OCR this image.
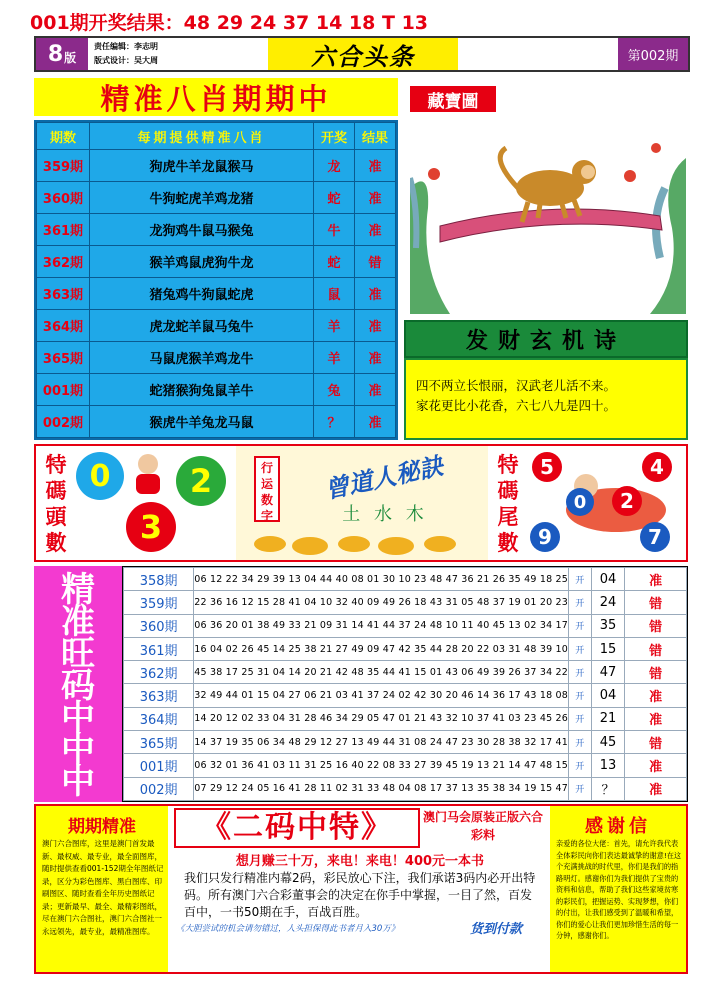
001期开奖结果：48 29 24 37 14 18 T 13
8 版
责任编辑：李志明
版式设计：吴大周	六合头条	第002期
精准八肖期期中
期数	每期提供精准八肖	开奖	结果
359期	狗虎牛羊龙鼠猴马	龙	准
360期	牛狗蛇虎羊鸡龙猪	蛇	准
361期	龙狗鸡牛鼠马猴兔	牛	准
362期	猴羊鸡鼠虎狗牛龙	蛇	错
363期	猪兔鸡牛狗鼠蛇虎	鼠	准
364期	虎龙蛇羊鼠马兔牛	羊	准
365期	马鼠虎猴羊鸡龙牛	羊	准
001期	蛇猪猴狗兔鼠羊牛	兔	准
002期	猴虎牛羊兔龙马鼠	？	准
藏寶圖
发财玄机诗
四不两立长恨丽，汉武老儿活不来。
家花更比小花香，六七八九是四十。
特
碼
頭
數
0	2
3
行
运
数
字
曾道人秘訣
土 水 木
特
碼
尾
數
5	4
0	2
9	7
精
准
旺
码
中
中
中
358期	06 12 22 34 29 39 13 04 44 40 08 01 30 10 23 48 47 36 21 26 35 49 18 25	开	04	准
359期	22 36 16 12 15 28 41 04 10 32 40 09 49 26 18 43 31 05 48 37 19 01 20 23	开	24	错
360期	06 36 20 01 38 49 33 21 09 31 14 41 44 37 24 48 10 11 40 45 13 02 34 17	开	35	错
361期	16 04 02 26 45 14 25 38 21 27 49 09 47 42 35 44 28 20 22 03 31 48 39 10	开	15	错
362期	45 38 17 25 31 04 14 20 21 42 48 35 44 41 15 01 43 06 49 39 26 37 34 22	开	47	错
363期	32 49 44 01 15 04 27 06 21 03 41 37 24 02 42 30 20 46 14 36 17 43 18 08	开	04	准
364期	14 20 12 02 33 04 31 28 46 34 29 05 47 01 21 43 32 10 37 41 03 23 45 26	开	21	准
365期	14 37 19 35 06 34 48 29 12 27 13 49 44 31 08 24 47 23 30 28 38 32 17 41	开	45	错
001期	06 32 01 36 41 03 11 31 25 16 40 22 08 33 27 39 45 19 13 21 14 47 48 15	开	13	准
002期	07 29 12 24 05 16 41 28 11 02 31 33 48 04 08 17 37 13 35 38 34 19 15 47	开	？	准
期期精准
澳门六合图库，这里是澳门首发最新、最权威、最专业，最全面图库，随时提供查看001-152期全年图纸记录，区分为彩色图库、黑白图库、印刷图区、随时查看全年历史图纸记录；更新最早、最全、最精彩图纸，尽在澳门六合图社，澳门六合图社一永远领先，最专业，最精准图库。
《二码中特》	澳门马会原装正版六合彩料
想月赚三十万，来电！来电！400元一本书
我们只发行精准内幕2码，彩民放心下注，我们承诺3码内必开出特码。所有澳门六合彩董事会的决定在你手中掌握，一目了然，百发百中，一书50期在手，百战百胜。
《大胆尝试的机会请勿错过，人头担保得此书者月入30万》	货到付款
感谢信
亲爱的各位大佬：首先，请允许我代表全体彩民向你们表达最诚挚的谢意!在这个充满挑战的时代里，你们是我们的指路明灯。感谢你们为我们提供了宝贵的资料和信息，帮助了我们这些家境贫寒的彩民们，把握运势、实现梦想，你们的付出，让我们感受到了温暖和希望，你们的爱心让我们更加珍惜生活的每一分钟，感谢你们。
